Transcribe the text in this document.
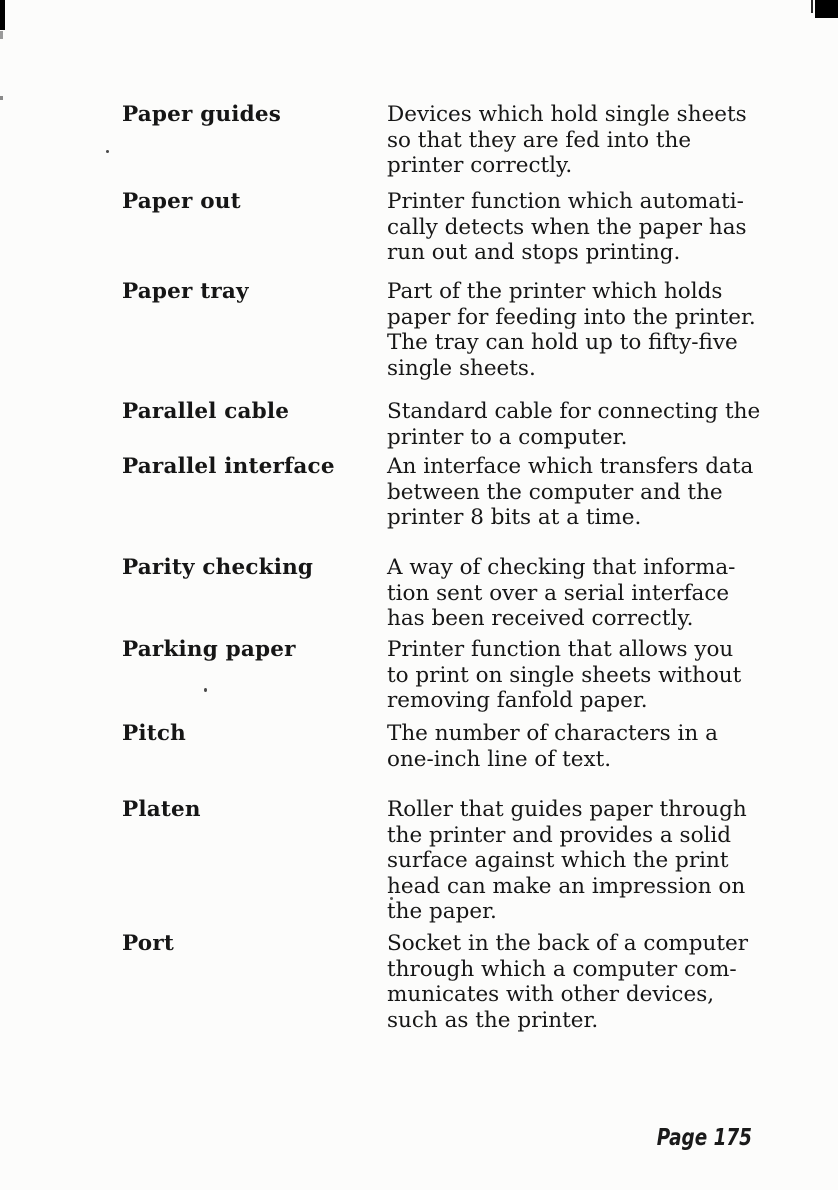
Paper guides	Devices which hold single sheets
so that they are fed into the
printer correctly.
Paper out	Printer function which automati-
cally detects when the paper has
run out and stops printing.
Paper tray	Part of the printer which holds
paper for feeding into the printer.
The tray can hold up to fifty-five
single sheets.
Parallel cable	Standard cable for connecting the
printer to a computer.
Parallel interface	An interface which transfers data
between the computer and the
printer 8 bits at a time.
Parity checking	A way of checking that informa-
tion sent over a serial interface
has been received correctly.
Parking paper	Printer function that allows you
to print on single sheets without
removing fanfold paper.
Pitch	The number of characters in a
one-inch line of text.
Platen	Roller that guides paper through
the printer and provides a solid
surface against which the print
head can make an impression on
the paper.
Port	Socket in the back of a computer
through which a computer com-
municates with other devices,
such as the printer.
Page 175
